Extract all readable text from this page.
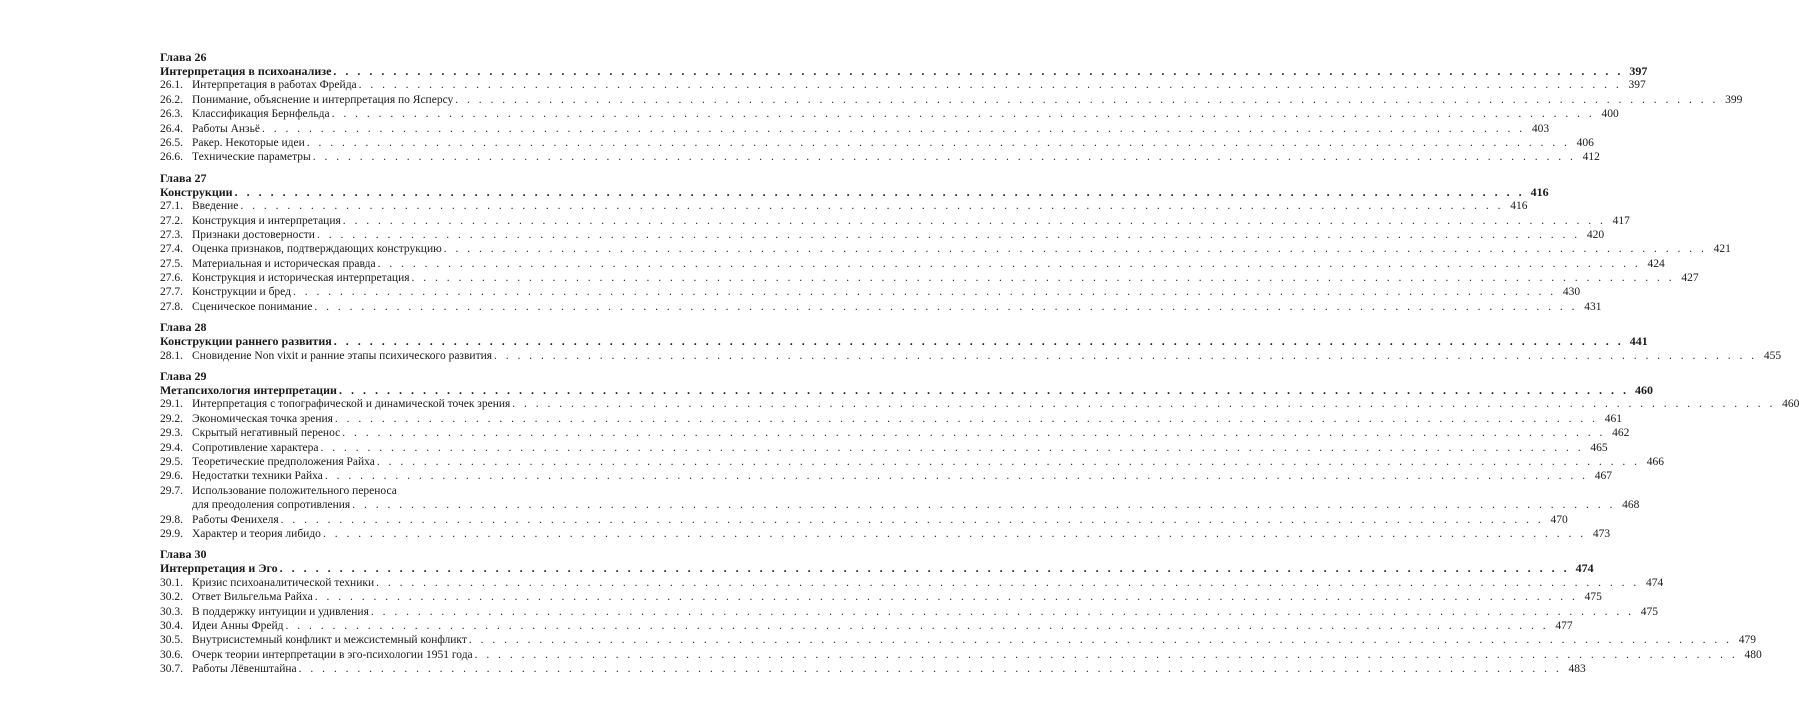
Глава 26
Интерпретация в психоанализе . . .	397
26.1. Интерпретация в работах Фрейда . . .	397
26.2. Понимание, объяснение и интерпретация по Ясперсу . . .	399
26.3. Классификация Бернфельда . . .	400
26.4. Работы Анзьё . . .	403
26.5. Ракер. Некоторые идеи . . .	406
26.6. Технические параметры . . .	412
Глава 27
Конструкции . . .	416
27.1. Введение . . .	416
27.2. Конструкция и интерпретация . . .	417
27.3. Признаки достоверности . . .	420
27.4. Оценка признаков, подтверждающих конструкцию . . .	421
27.5. Материальная и историческая правда . . .	424
27.6. Конструкция и историческая интерпретация . . .	427
27.7. Конструкции и бред . . .	430
27.8. Сценическое понимание . . .	431
Глава 28
Конструкции раннего развития . . .	441
28.1. Сновидение Non vixit и ранние этапы психического развития . . .	455
Глава 29
Метапсихология интерпретации . . .	460
29.1. Интерпретация с топографической и динамической точек зрения . . .	460
29.2. Экономическая точка зрения . . .	461
29.3. Скрытый негативный перенос . . .	462
29.4. Сопротивление характера . . .	465
29.5. Теоретические предположения Райха . . .	466
29.6. Недостатки техники Райха . . .	467
29.7. Использование положительного переноса
для преодоления сопротивления . . .	468
29.8. Работы Фенихеля . . .	470
29.9. Характер и теория либидо . . .	473
Глава 30
Интерпретация и Эго . . .	474
30.1. Кризис психоаналитической техники . . .	474
30.2. Ответ Вильгельма Райха . . .	475
30.3. В поддержку интуиции и удивления . . .	475
30.4. Идеи Анны Фрейд . . .	477
30.5. Внутрисистемный конфликт и межсистемный конфликт . . .	479
30.6. Очерк теории интерпретации в эго-психологии 1951 года . . .	480
30.7. Работы Лёвенштайна . . .	483
